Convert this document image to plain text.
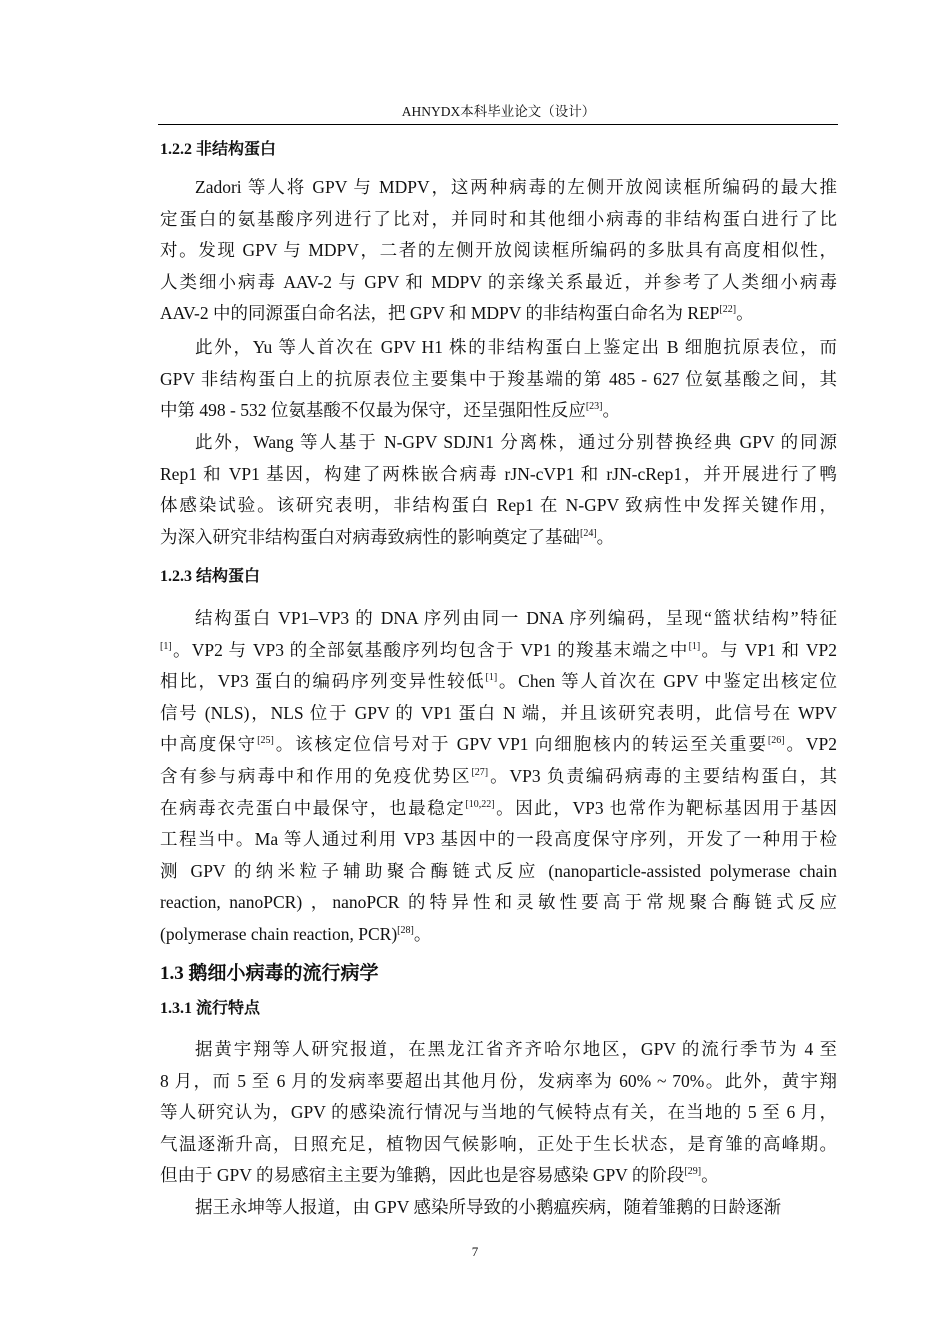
AHNYDX本科毕业论文（设计）
1.2.2 非结构蛋白

Zadori 等人将 GPV 与 MDPV，这两种病毒的左侧开放阅读框所编码的最大推
定蛋白的氨基酸序列进行了比对，并同时和其他细小病毒的非结构蛋白进行了比
对。发现 GPV 与 MDPV，二者的左侧开放阅读框所编码的多肽具有高度相似性，
人类细小病毒 AAV-2 与 GPV 和 MDPV 的亲缘关系最近，并参考了人类细小病毒
AAV-2 中的同源蛋白命名法，把 GPV 和 MDPV 的非结构蛋白命名为 REP[22]。

此外，Yu 等人首次在 GPV H1 株的非结构蛋白上鉴定出 B 细胞抗原表位，而
GPV 非结构蛋白上的抗原表位主要集中于羧基端的第 485 - 627 位氨基酸之间，其
中第 498 - 532 位氨基酸不仅最为保守，还呈强阳性反应[23]。

此外，Wang 等人基于 N-GPV SDJN1 分离株，通过分别替换经典 GPV 的同源
Rep1 和 VP1 基因，构建了两株嵌合病毒 rJN-cVP1 和 rJN-cRep1，并开展进行了鸭
体感染试验。该研究表明，非结构蛋白 Rep1 在 N-GPV 致病性中发挥关键作用，
为深入研究非结构蛋白对病毒致病性的影响奠定了基础[24]。

1.2.3 结构蛋白

结构蛋白 VP1–VP3 的 DNA 序列由同一 DNA 序列编码，呈现“篮状结构”特征
[1]。VP2 与 VP3 的全部氨基酸序列均包含于 VP1 的羧基末端之中[1]。与 VP1 和 VP2
相比，VP3 蛋白的编码序列变异性较低[1]。Chen 等人首次在 GPV 中鉴定出核定位
信号 (NLS)，NLS 位于 GPV 的 VP1 蛋白 N 端，并且该研究表明，此信号在 WPV
中高度保守[25]。该核定位信号对于 GPV VP1 向细胞核内的转运至关重要[26]。VP2
含有参与病毒中和作用的免疫优势区[27]。VP3 负责编码病毒的主要结构蛋白，其
在病毒衣壳蛋白中最保守，也最稳定[10,22]。因此，VP3 也常作为靶标基因用于基因
工程当中。Ma 等人通过利用 VP3 基因中的一段高度保守序列，开发了一种用于检
测 GPV 的纳米粒子辅助聚合酶链式反应 (nanoparticle-assisted polymerase chain
reaction, nanoPCR) ，nanoPCR 的特异性和灵敏性要高于常规聚合酶链式反应
(polymerase chain reaction, PCR)[28]。

1.3 鹅细小病毒的流行病学
1.3.1 流行特点

据黄宇翔等人研究报道，在黑龙江省齐齐哈尔地区，GPV 的流行季节为 4 至
8 月，而 5 至 6 月的发病率要超出其他月份，发病率为 60% ~ 70%。此外，黄宇翔
等人研究认为，GPV 的感染流行情况与当地的气候特点有关，在当地的 5 至 6 月，
气温逐渐升高，日照充足，植物因气候影响，正处于生长状态，是育雏的高峰期。
但由于 GPV 的易感宿主主要为雏鹅，因此也是容易感染 GPV 的阶段[29]。

据王永坤等人报道，由 GPV 感染所导致的小鹅瘟疾病，随着雏鹅的日龄逐渐

7
